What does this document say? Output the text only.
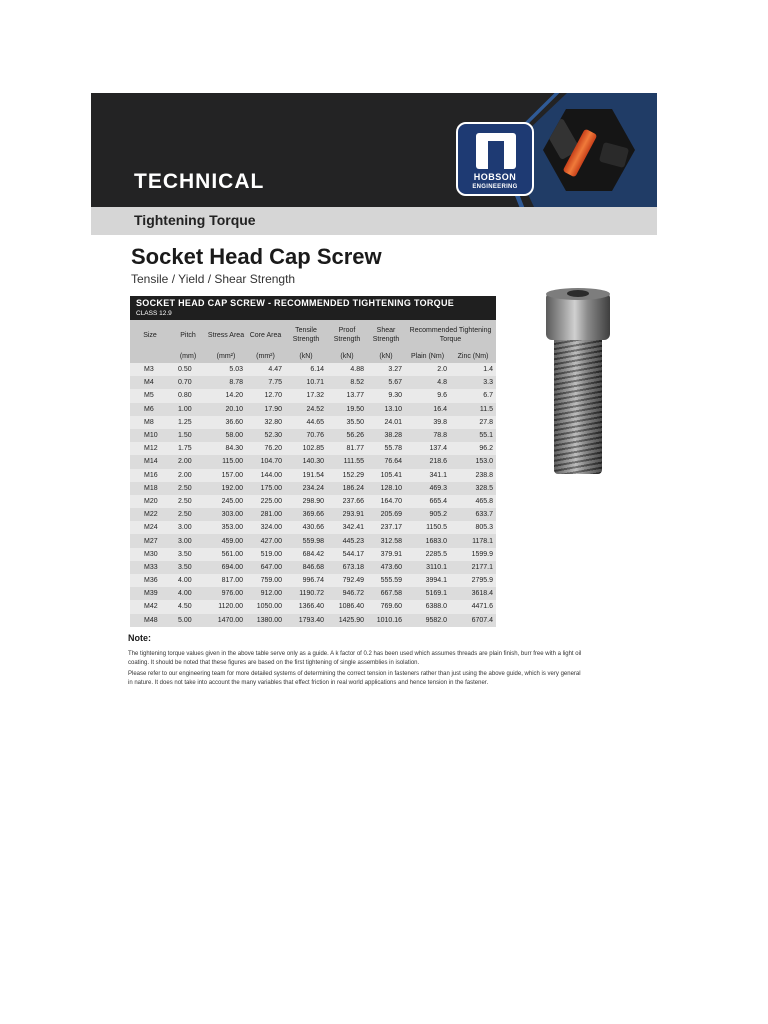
HOBSON
ENGINEERING
TECHNICAL
Tightening Torque
Socket Head Cap Screw

Tensile / Yield / Shear Strength

SOCKET HEAD CAP SCREW - RECOMMENDED TIGHTENING TORQUE
CLASS 12.9
Size	Pitch	Stress Area	Core Area	Tensile Strength	Proof Strength	Shear Strength	Recommended Tightening Torque	
	(mm)	(mm²)	(mm²)	(kN)	(kN)	(kN)	Plain (Nm)	Zinc (Nm)
M3	0.50	5.03	4.47	6.14	4.88	3.27	2.0	1.4
M4	0.70	8.78	7.75	10.71	8.52	5.67	4.8	3.3
M5	0.80	14.20	12.70	17.32	13.77	9.30	9.6	6.7
M6	1.00	20.10	17.90	24.52	19.50	13.10	16.4	11.5
M8	1.25	36.60	32.80	44.65	35.50	24.01	39.8	27.8
M10	1.50	58.00	52.30	70.76	56.26	38.28	78.8	55.1
M12	1.75	84.30	76.20	102.85	81.77	55.78	137.4	96.2
M14	2.00	115.00	104.70	140.30	111.55	76.64	218.6	153.0
M16	2.00	157.00	144.00	191.54	152.29	105.41	341.1	238.8
M18	2.50	192.00	175.00	234.24	186.24	128.10	469.3	328.5
M20	2.50	245.00	225.00	298.90	237.66	164.70	665.4	465.8
M22	2.50	303.00	281.00	369.66	293.91	205.69	905.2	633.7
M24	3.00	353.00	324.00	430.66	342.41	237.17	1150.5	805.3
M27	3.00	459.00	427.00	559.98	445.23	312.58	1683.0	1178.1
M30	3.50	561.00	519.00	684.42	544.17	379.91	2285.5	1599.9
M33	3.50	694.00	647.00	846.68	673.18	473.60	3110.1	2177.1
M36	4.00	817.00	759.00	996.74	792.49	555.59	3994.1	2795.9
M39	4.00	976.00	912.00	1190.72	946.72	667.58	5169.1	3618.4
M42	4.50	1120.00	1050.00	1366.40	1086.40	769.60	6388.0	4471.6
M48	5.00	1470.00	1380.00	1793.40	1425.90	1010.16	9582.0	6707.4
Note:

The tightening torque values given in the above table serve only as a guide. A k factor of 0.2 has been used which assumes threads are plain finish, burr free with a light oil coating. It should be noted that these figures are based on the first tightening of single assemblies in isolation.

Please refer to our engineering team for more detailed systems of determining the correct tension in fasteners rather than just using the above guide, which is very general in nature. It does not take into account the many variables that effect friction in real world applications and hence tension in the fastener.
